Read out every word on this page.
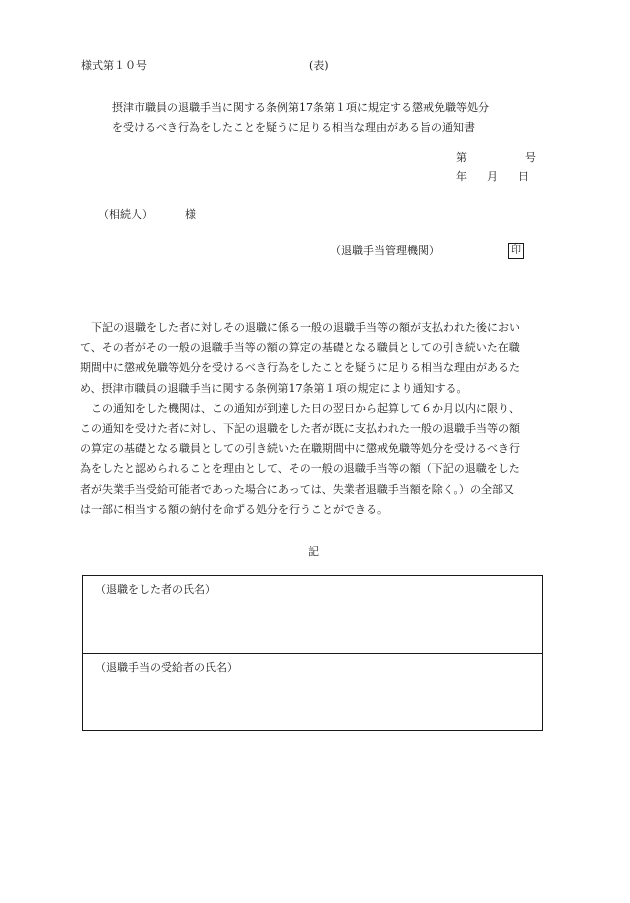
様式第１０号	(表)
摂津市職員の退職手当に関する条例第17条第１項に規定する懲戒免職等処分
を受けるべき行為をしたことを疑うに足りる相当な理由がある旨の通知書
第	号
年 月 日
（相続人）	様
（退職手当管理機関）	印
　下記の退職をした者に対しその退職に係る一般の退職手当等の額が支払われた後におい
て、その者がその一般の退職手当等の額の算定の基礎となる職員としての引き続いた在職
期間中に懲戒免職等処分を受けるべき行為をしたことを疑うに足りる相当な理由があるた
め、摂津市職員の退職手当に関する条例第17条第１項の規定により通知する。
　この通知をした機関は、この通知が到達した日の翌日から起算して６か月以内に限り、
この通知を受けた者に対し、下記の退職をした者が既に支払われた一般の退職手当等の額
の算定の基礎となる職員としての引き続いた在職期間中に懲戒免職等処分を受けるべき行
為をしたと認められることを理由として、その一般の退職手当等の額（下記の退職をした
者が失業手当受給可能者であった場合にあっては、失業者退職手当額を除く。）の全部又
は一部に相当する額の納付を命ずる処分を行うことができる。
記
（退職をした者の氏名）
（退職手当の受給者の氏名）
